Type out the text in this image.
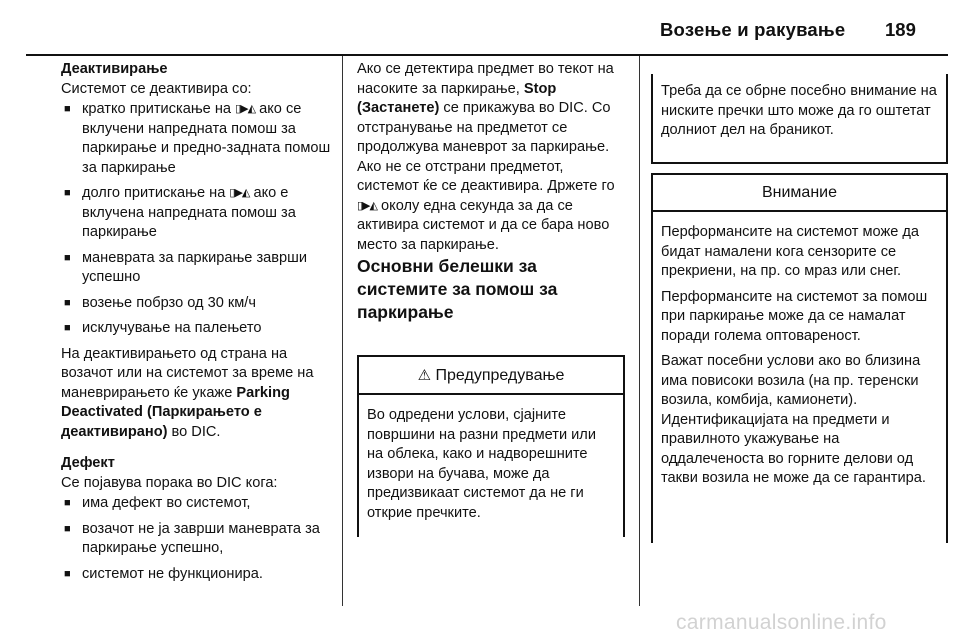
Возење и ракување 189

Деактивирање

Системот се деактивира со:

■ кратко притискање на ▯▶◭ ако се вклучени напредната помош за паркирање и предно-задната помош за паркирање
■ долго притискање на ▯▶◭ ако е вклучена напредната помош за паркирање
■ маневрата за паркирање заврши успешно
■ возење побрзо од 30 км/ч
■ исклучување на палењето

На деактивирањето од страна на возачот или на системот за време на маневрирањето ќе укаже Parking Deactivated (Паркирањето е деактивирано) во DIC.

Дефект

Се појавува порака во DIC кога:

■ има дефект во системот,
■ возачот не ја заврши маневрата за паркирање успешно,
■ системот не функционира.

Ако се детектира предмет во текот на насоките за паркирање, Stop (Застанете) се прикажува во DIC. Со отстранување на предметот се продолжува маневрот за паркирање. Ако не се отстрани предметот, системот ќе се деактивира. Држете го ▯▶◭ околу една секунда за да се активира системот и да се бара ново место за паркирање.

Основни белешки за системите за помош за паркирање

⚠ Предупредување

Во одредени услови, сјајните површини на разни предмети или на облека, како и надворешните извори на бучава, може да предизвикаат системот да не ги открие пречките.

Треба да се обрне посебно внимание на ниските пречки што може да го оштетат долниот дел на браникот.

Внимание

Перформансите на системот може да бидат намалени кога сензорите се прекриени, на пр. со мраз или снег.

Перформансите на системот за помош при паркирање може да се намалат поради голема оптовареност.

Важат посебни услови ако во близина има повисоки возила (на пр. теренски возила, комбија, камионети). Идентификацијата на предмети и правилното укажување на оддалеченоста во горните делови од такви возила не може да се гарантира.

carmanualsonline.info
